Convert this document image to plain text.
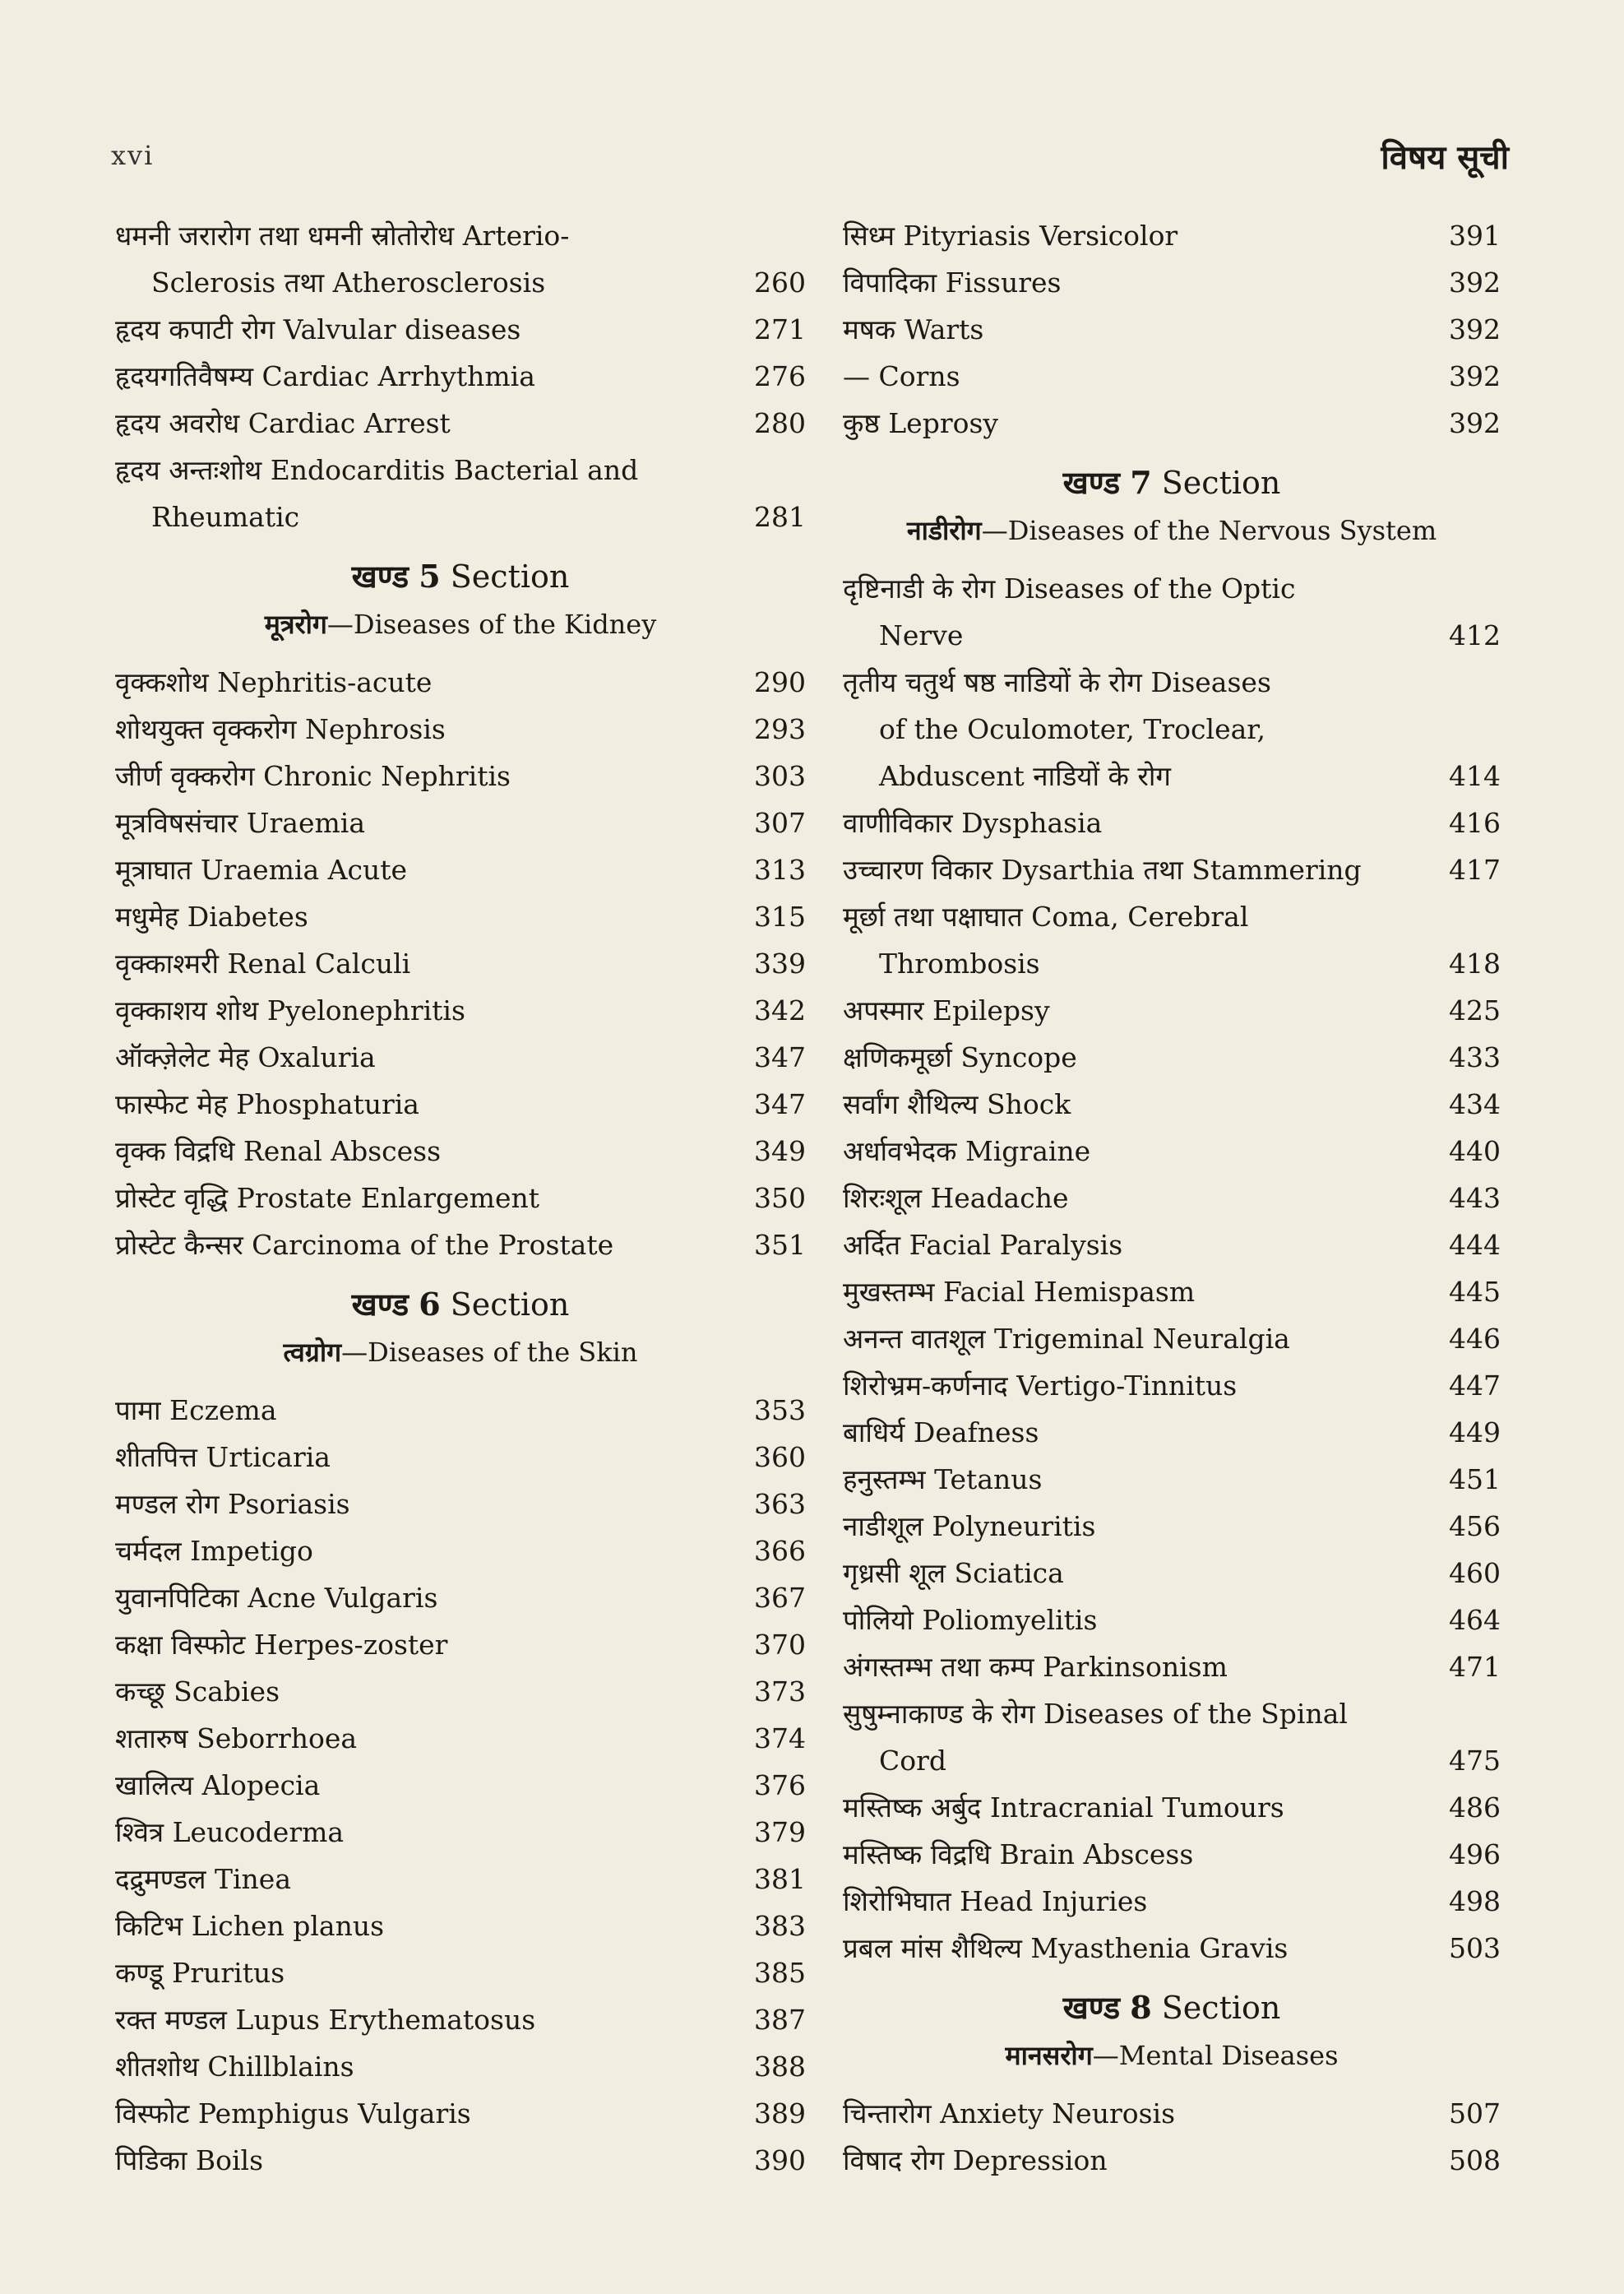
xvi	विषय सूची
धमनी जरारोग तथा धमनी स्रोतोरोध Arterio-
Sclerosis तथा Atherosclerosis	260
हृदय कपाटी रोग Valvular diseases	271
हृदयगतिवैषम्य Cardiac Arrhythmia	276
हृदय अवरोध Cardiac Arrest	280
हृदय अन्तःशोथ Endocarditis Bacterial and
Rheumatic	281
खण्ड 5 Section
मूत्ररोग—Diseases of the Kidney
वृक्कशोथ Nephritis-acute	290
शोथयुक्त वृक्करोग Nephrosis	293
जीर्ण वृक्करोग Chronic Nephritis	303
मूत्रविषसंचार Uraemia	307
मूत्राघात Uraemia Acute	313
मधुमेह Diabetes	315
वृक्काश्मरी Renal Calculi	339
वृक्काशय शोथ Pyelonephritis	342
ऑक्ज़ेलेट मेह Oxaluria	347
फास्फेट मेह Phosphaturia	347
वृक्क विद्रधि Renal Abscess	349
प्रोस्टेट वृद्धि Prostate Enlargement	350
प्रोस्टेट कैन्सर Carcinoma of the Prostate	351
खण्ड 6 Section
त्वग्रोग—Diseases of the Skin
पामा Eczema	353
शीतपित्त Urticaria	360
मण्डल रोग Psoriasis	363
चर्मदल Impetigo	366
युवानपिटिका Acne Vulgaris	367
कक्षा विस्फोट Herpes-zoster	370
कच्छू Scabies	373
शतारुष Seborrhoea	374
खालित्य Alopecia	376
श्वित्र Leucoderma	379
दद्रुमण्डल Tinea	381
किटिभ Lichen planus	383
कण्डू Pruritus	385
रक्त मण्डल Lupus Erythematosus	387
शीतशोथ Chillblains	388
विस्फोट Pemphigus Vulgaris	389
पिडिका Boils	390
सिध्म Pityriasis Versicolor	391
विपादिका Fissures	392
मषक Warts	392
— Corns	392
कुष्ठ Leprosy	392
खण्ड 7 Section
नाडीरोग—Diseases of the Nervous System
दृष्टिनाडी के रोग Diseases of the Optic
Nerve	412
तृतीय चतुर्थ षष्ठ नाडियों के रोग Diseases
of the Oculomoter, Troclear,
Abduscent नाडियों के रोग	414
वाणीविकार Dysphasia	416
उच्चारण विकार Dysarthia तथा Stammering	417
मूर्छा तथा पक्षाघात Coma, Cerebral
Thrombosis	418
अपस्मार Epilepsy	425
क्षणिकमूर्छा Syncope	433
सर्वांग शैथिल्य Shock	434
अर्धावभेदक Migraine	440
शिरःशूल Headache	443
अर्दित Facial Paralysis	444
मुखस्तम्भ Facial Hemispasm	445
अनन्त वातशूल Trigeminal Neuralgia	446
शिरोभ्रम-कर्णनाद Vertigo-Tinnitus	447
बाधिर्य Deafness	449
हनुस्तम्भ Tetanus	451
नाडीशूल Polyneuritis	456
गृध्रसी शूल Sciatica	460
पोलियो Poliomyelitis	464
अंगस्तम्भ तथा कम्प Parkinsonism	471
सुषुम्नाकाण्ड के रोग Diseases of the Spinal
Cord	475
मस्तिष्क अर्बुद Intracranial Tumours	486
मस्तिष्क विद्रधि Brain Abscess	496
शिरोभिघात Head Injuries	498
प्रबल मांस शैथिल्य Myasthenia Gravis	503
खण्ड 8 Section
मानसरोग—Mental Diseases
चिन्तारोग Anxiety Neurosis	507
विषाद रोग Depression	508
